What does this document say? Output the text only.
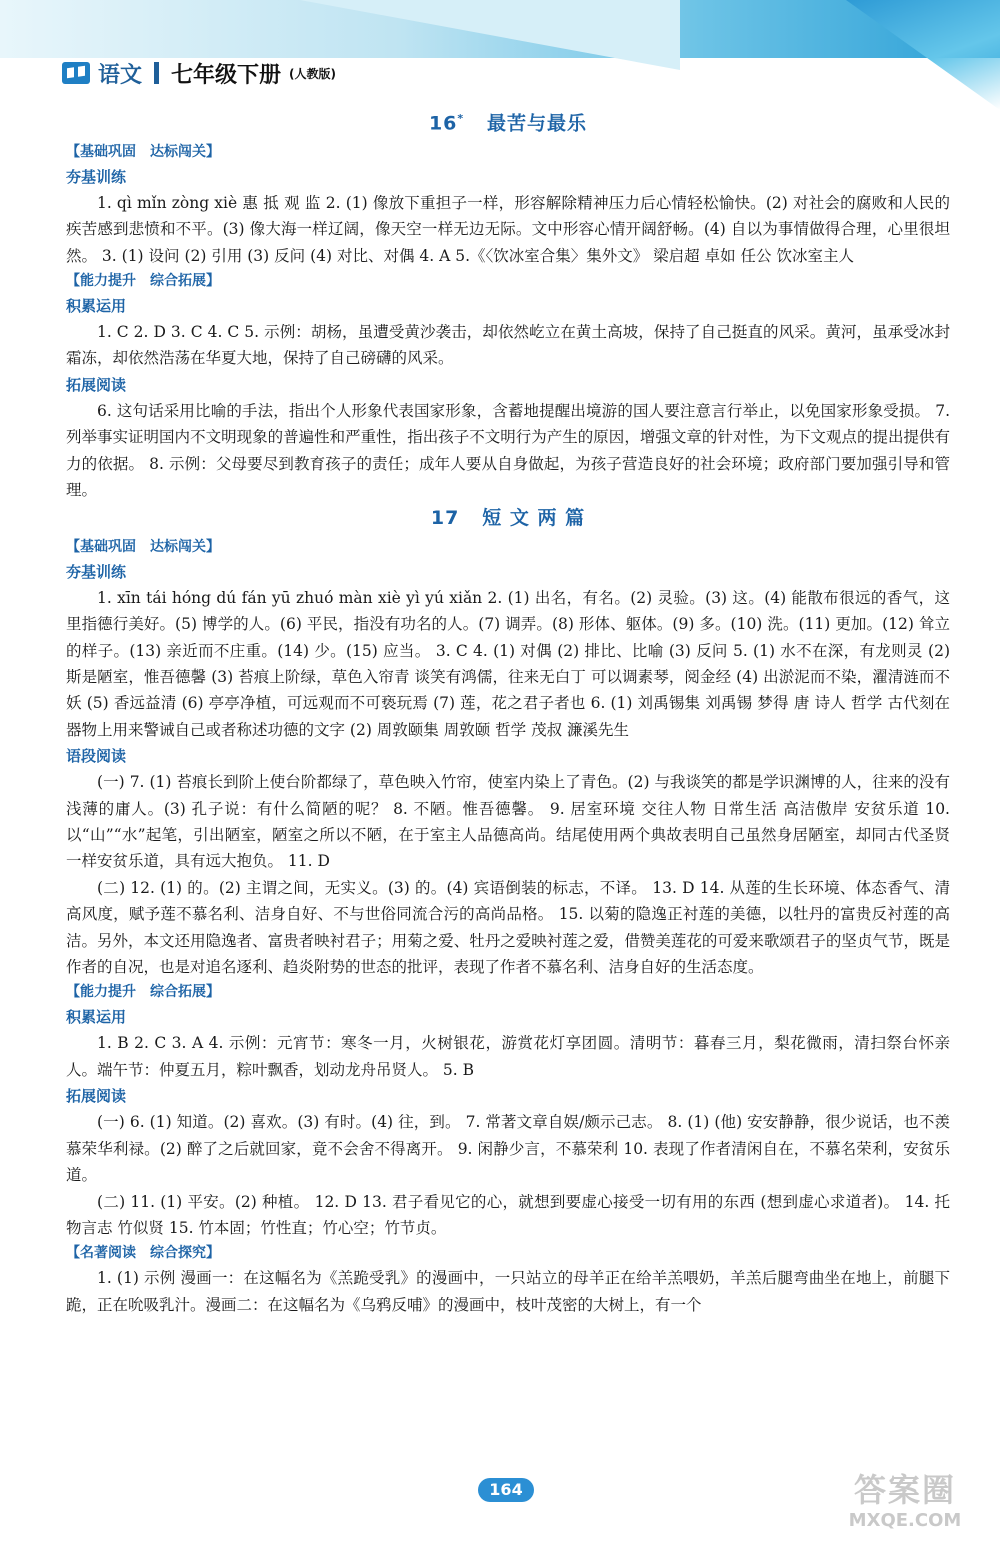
语文 七年级下册 (人教版)
16* 最苦与最乐
【基础巩固　达标闯关】
夯基训练

1. qì mǐn zòng xiè 惠 抵 观 监 2. (1) 像放下重担子一样，形容解除精神压力后心情轻松愉快。(2) 对社会的腐败和人民的疾苦感到悲愤和不平。(3) 像大海一样辽阔，像天空一样无边无际。文中形容心情开阔舒畅。(4) 自以为事情做得合理，心里很坦然。 3. (1) 设问 (2) 引用 (3) 反问 (4) 对比、对偶 4. A 5.《〈饮冰室合集〉集外文》 梁启超 卓如 任公 饮冰室主人

【能力提升　综合拓展】
积累运用

1. C 2. D 3. C 4. C 5. 示例：胡杨，虽遭受黄沙袭击，却依然屹立在黄土高坡，保持了自己挺直的风采。黄河，虽承受冰封霜冻，却依然浩荡在华夏大地，保持了自己磅礴的风采。

拓展阅读

6. 这句话采用比喻的手法，指出个人形象代表国家形象，含蓄地提醒出境游的国人要注意言行举止，以免国家形象受损。 7. 列举事实证明国内不文明现象的普遍性和严重性，指出孩子不文明行为产生的原因，增强文章的针对性，为下文观点的提出提供有力的依据。 8. 示例：父母要尽到教育孩子的责任；成年人要从自身做起，为孩子营造良好的社会环境；政府部门要加强引导和管理。

17 短 文 两 篇
【基础巩固　达标闯关】
夯基训练

1. xīn tái hóng dú fán yū zhuó màn xiè yì yú xiǎn 2. (1) 出名，有名。(2) 灵验。(3) 这。(4) 能散布很远的香气，这里指德行美好。(5) 博学的人。(6) 平民，指没有功名的人。(7) 调弄。(8) 形体、躯体。(9) 多。(10) 洗。(11) 更加。(12) 耸立的样子。(13) 亲近而不庄重。(14) 少。(15) 应当。 3. C 4. (1) 对偶 (2) 排比、比喻 (3) 反问 5. (1) 水不在深，有龙则灵 (2) 斯是陋室，惟吾德馨 (3) 苔痕上阶绿，草色入帘青 谈笑有鸿儒，往来无白丁 可以调素琴，阅金经 (4) 出淤泥而不染，濯清涟而不妖 (5) 香远益清 (6) 亭亭净植，可远观而不可亵玩焉 (7) 莲，花之君子者也 6. (1) 刘禹锡集 刘禹锡 梦得 唐 诗人 哲学 古代刻在器物上用来警诫自己或者称述功德的文字 (2) 周敦颐集 周敦颐 哲学 茂叔 濂溪先生

语段阅读

(一) 7. (1) 苔痕长到阶上使台阶都绿了，草色映入竹帘，使室内染上了青色。(2) 与我谈笑的都是学识渊博的人，往来的没有浅薄的庸人。(3) 孔子说：有什么简陋的呢？ 8. 不陋。惟吾德馨。 9. 居室环境 交往人物 日常生活 高洁傲岸 安贫乐道 10. 以“山”“水”起笔，引出陋室，陋室之所以不陋，在于室主人品德高尚。结尾使用两个典故表明自己虽然身居陋室，却同古代圣贤一样安贫乐道，具有远大抱负。 11. D

(二) 12. (1) 的。(2) 主谓之间，无实义。(3) 的。(4) 宾语倒装的标志，不译。 13. D 14. 从莲的生长环境、体态香气、清高风度，赋予莲不慕名利、洁身自好、不与世俗同流合污的高尚品格。 15. 以菊的隐逸正衬莲的美德，以牡丹的富贵反衬莲的高洁。另外，本文还用隐逸者、富贵者映衬君子；用菊之爱、牡丹之爱映衬莲之爱，借赞美莲花的可爱来歌颂君子的坚贞气节，既是作者的自况，也是对追名逐利、趋炎附势的世态的批评，表现了作者不慕名利、洁身自好的生活态度。

【能力提升　综合拓展】
积累运用

1. B 2. C 3. A 4. 示例：元宵节：寒冬一月，火树银花，游赏花灯享团圆。清明节：暮春三月，梨花微雨，清扫祭台怀亲人。端午节：仲夏五月，粽叶飘香，划动龙舟吊贤人。 5. B

拓展阅读

(一) 6. (1) 知道。(2) 喜欢。(3) 有时。(4) 往，到。 7. 常著文章自娱/颇示己志。 8. (1) (他) 安安静静，很少说话，也不羡慕荣华利禄。(2) 醉了之后就回家，竟不会舍不得离开。 9. 闲静少言，不慕荣利 10. 表现了作者清闲自在，不慕名荣利，安贫乐道。

(二) 11. (1) 平安。(2) 种植。 12. D 13. 君子看见它的心，就想到要虚心接受一切有用的东西 (想到虚心求道者)。 14. 托物言志 竹似贤 15. 竹本固；竹性直；竹心空；竹节贞。

【名著阅读　综合探究】

1. (1) 示例 漫画一：在这幅名为《羔跪受乳》的漫画中，一只站立的母羊正在给羊羔喂奶，羊羔后腿弯曲坐在地上，前腿下跪，正在吮吸乳汁。漫画二：在这幅名为《乌鸦反哺》的漫画中，枝叶茂密的大树上，有一个

164	答案圈
MXQE.COM
